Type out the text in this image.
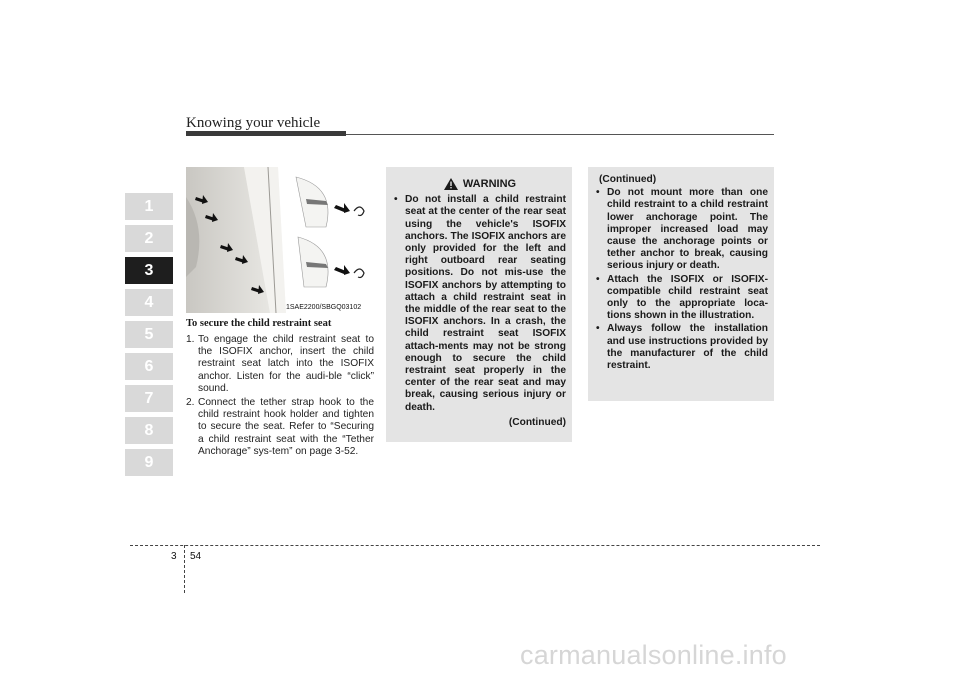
Knowing your vehicle
1
2
3
4
5
6
7
8
9
1SAE2200/SBGQ03102
To secure the child restraint seat
1. To engage the child restraint seat to the ISOFIX anchor, insert the child restraint seat latch into the ISOFIX anchor. Listen for the audi-ble “click” sound.
2. Connect the tether strap hook to the child restraint hook holder and tighten to secure the seat. Refer to “Securing a child restraint seat with the “Tether Anchorage” sys-tem” on page 3-52.
WARNING
• Do not install a child restraint seat at the center of the rear seat using the vehicle's ISOFIX anchors. The ISOFIX anchors are only provided for the left and right outboard rear seating positions. Do not mis-use the ISOFIX anchors by attempting to attach a child restraint seat in the middle of the rear seat to the ISOFIX anchors. In a crash, the child restraint seat ISOFIX attach-ments may not be strong enough to secure the child restraint seat properly in the center of the rear seat and may break, causing serious injury or death.
(Continued)
(Continued)
• Do not mount more than one child restraint to a child restraint lower anchorage point. The improper increased load may cause the anchorage points or tether anchor to break, causing serious injury or death.
• Attach the ISOFIX or ISOFIX-compatible child restraint seat only to the appropriate loca-tions shown in the illustration.
• Always follow the installation and use instructions provided by the manufacturer of the child restraint.
3 54
carmanualsonline.info
